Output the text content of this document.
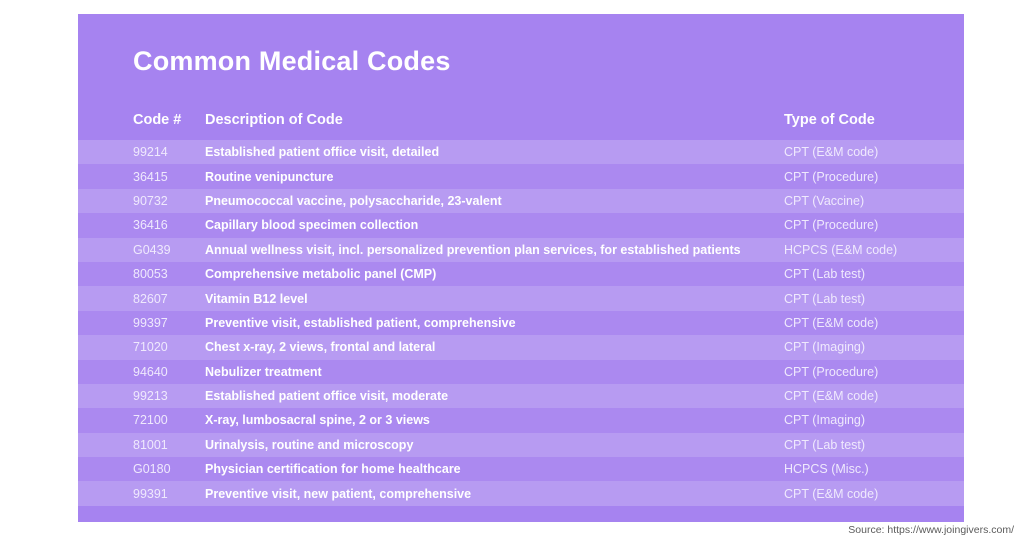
Common Medical Codes
Code #	Description of Code	Type of Code
99214	Established patient office visit, detailed	CPT (E&M code)
36415	Routine venipuncture	CPT (Procedure)
90732	Pneumococcal vaccine, polysaccharide, 23-valent	CPT (Vaccine)
36416	Capillary blood specimen collection	CPT (Procedure)
G0439	Annual wellness visit, incl. personalized prevention plan services, for established patients	HCPCS (E&M code)
80053	Comprehensive metabolic panel (CMP)	CPT (Lab test)
82607	Vitamin B12 level	CPT (Lab test)
99397	Preventive visit, established patient, comprehensive	CPT (E&M code)
71020	Chest x-ray, 2 views, frontal and lateral	CPT (Imaging)
94640	Nebulizer treatment	CPT (Procedure)
99213	Established patient office visit, moderate	CPT (E&M code)
72100	X-ray, lumbosacral spine, 2 or 3 views	CPT (Imaging)
81001	Urinalysis, routine and microscopy	CPT (Lab test)
G0180	Physician certification for home healthcare	HCPCS (Misc.)
99391	Preventive visit, new patient, comprehensive	CPT (E&M code)
Source: https://www.joingivers.com/
